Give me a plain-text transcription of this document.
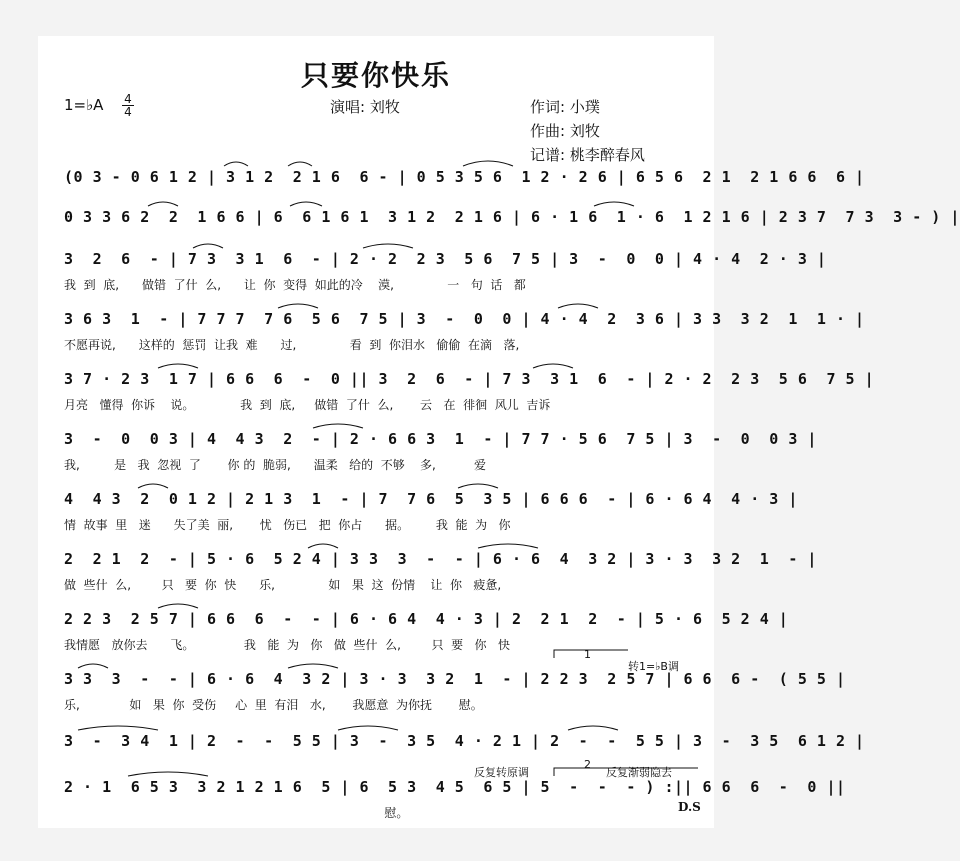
只要你快乐
1=♭A 4
4	演唱: 刘牧	作词: 小璞
作曲: 刘牧
记谱: 桃李醉春风
(0 3 - 0 6 1 2 | 3 1 2  2 1 6  6 - | 0 5 3 5 6  1 2 · 2 6 | 6 5 6  2 1  2 1 6 6  6 |
0 3 3 6 2  2  1 6 6 | 6  6 1 6 1  3 1 2  2 1 6 | 6 · 1 6  1 · 6  1 2 1 6 | 2 3 7  7 3  3 - ) |
3  2  6  - | 7 3  3 1  6  - | 2 · 2  2 3  5 6  7 5 | 3  -  0  0 | 4 · 4  2 · 3 |
我  到  底,      做错  了什  么,      让  你  变得  如此的冷    漠,              一   句  话   都
3 6 3  1  - | 7 7 7  7 6  5 6  7 5 | 3  -  0  0 | 4 · 4  2  3 6 | 3 3  3 2  1  1 · |
不愿再说,      这样的  惩罚  让我  难      过,              看  到  你泪水   偷偷  在滴   落,
3 7 · 2 3  1 7 | 6 6  6  -  0 || 3  2  6  - | 7 3  3 1  6  - | 2 · 2  2 3  5 6  7 5 |
月亮   懂得  你诉    说。            我  到  底,     做错  了什  么,       云   在  徘徊  风儿  吉诉
3  -  0  0 3 | 4  4 3  2  - | 2 · 6 6 3  1  - | 7 7 · 5 6  7 5 | 3  -  0  0 3 |
我,         是   我  忽视  了       你 的  脆弱,      温柔   给的  不够    多,          爱
4  4 3  2  0 1 2 | 2 1 3  1  - | 7  7 6  5  3 5 | 6 6 6  - | 6 · 6 4  4 · 3 |
情  故事  里   迷      失了美  丽,       忧   伤已   把  你占      据。       我  能  为   你
2  2 1  2  - | 5 · 6  5 2 4 | 3 3  3  -  - | 6 · 6  4  3 2 | 3 · 3  3 2  1  - |
做  些什  么,        只   要  你  快      乐,              如   果  这  份情    让  你   疲惫,
2 2 3  2 5 7 | 6 6  6  -  - | 6 · 6 4  4 · 3 | 2  2 1  2  - | 5 · 6  5 2 4 |
我情愿   放你去      飞。             我   能  为   你   做  些什  么,        只  要   你   快
3 3  3  -  - | 6 · 6  4  3 2 | 3 · 3  3 2  1  - | 2 2 3  2 5 7 | 6 6  6 -  ( 5 5 |
乐,             如   果  你  受伤     心  里  有泪   水,       我愿意  为你抚       慰。
3  -  3 4  1 | 2  -  -  5 5 | 3  -  3 5  4 · 2 1 | 2  -  -  5 5 | 3  -  3 5  6 1 2 |
2 · 1  6 5 3  3 2 1 2 1 6  5 | 6  5 3  4 5  6 5 | 5  -  -  - ) :|| 6 6  6  -  0 ||
慰。
转1=♭B调
反复转原调	反复渐弱隐去
1
2
D.S
